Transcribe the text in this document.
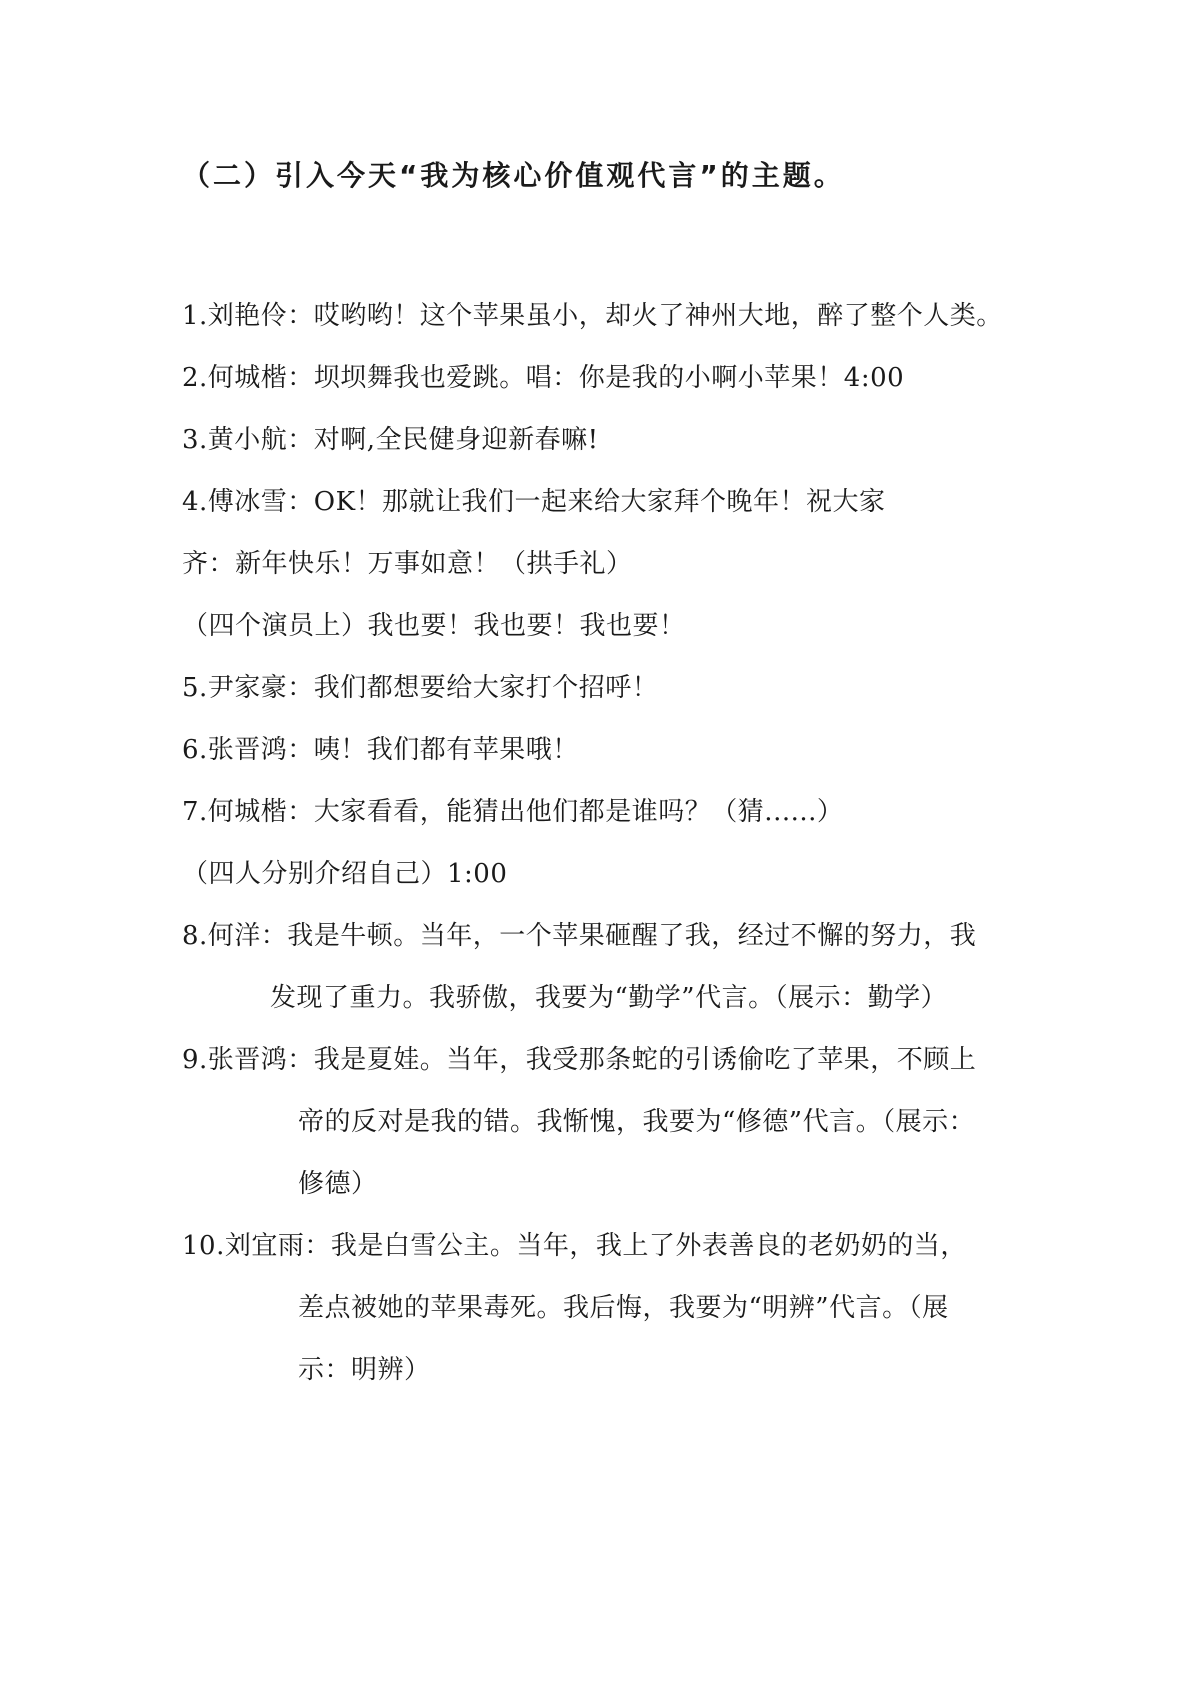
（二）引入今天“我为核心价值观代言”的主题。
1.刘艳伶：哎哟哟！这个苹果虽小，却火了神州大地，醉了整个人类。
2.何城楷：坝坝舞我也爱跳。唱：你是我的小啊小苹果！4:00
3.黄小航：对啊,全民健身迎新春嘛!
4.傅冰雪：OK！那就让我们一起来给大家拜个晚年！祝大家
齐：新年快乐！万事如意！（拱手礼）
（四个演员上）我也要！我也要！我也要！
5.尹家豪：我们都想要给大家打个招呼！
6.张晋鸿：咦！我们都有苹果哦！
7.何城楷：大家看看，能猜出他们都是谁吗？（猜......）
（四人分别介绍自己）1:00
8.何洋：我是牛顿。当年，一个苹果砸醒了我，经过不懈的努力，我
发现了重力。我骄傲，我要为“勤学”代言。（展示：勤学）
9.张晋鸿：我是夏娃。当年，我受那条蛇的引诱偷吃了苹果，不顾上
帝的反对是我的错。我惭愧，我要为“修德”代言。（展示：
修德）
10.刘宜雨：我是白雪公主。当年，我上了外表善良的老奶奶的当，
差点被她的苹果毒死。我后悔，我要为“明辨”代言。（展
示：明辨）
